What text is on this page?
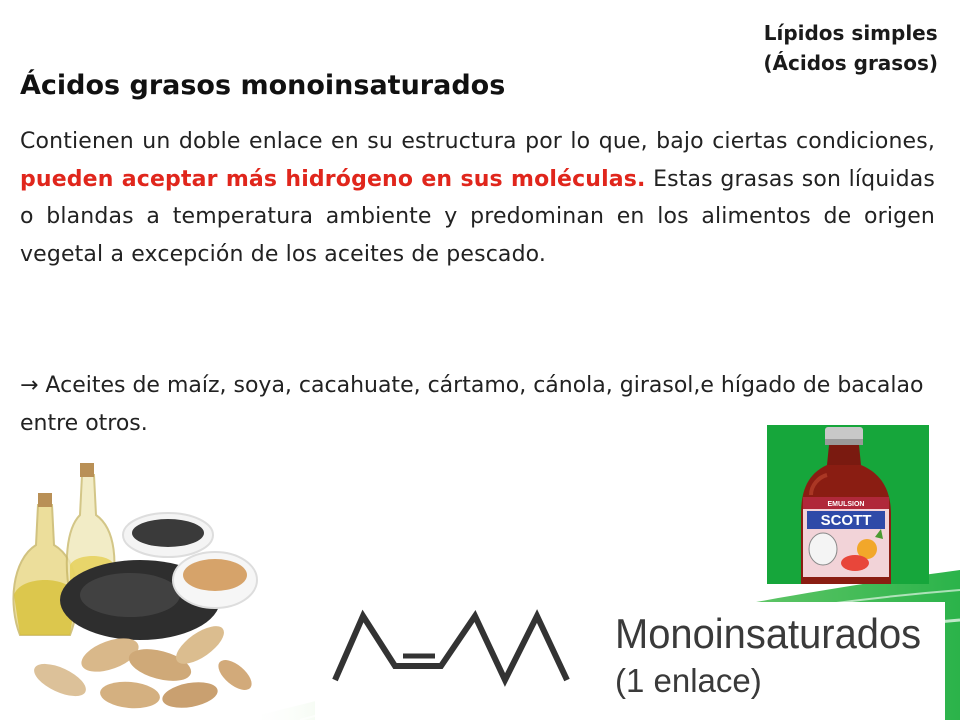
Lípidos simples
(Ácidos grasos)
Ácidos grasos monoinsaturados
Contienen un doble enlace en su estructura por lo que, bajo ciertas condiciones, pueden aceptar más hidrógeno en sus moléculas. Estas grasas son líquidas o blandas a temperatura ambiente y predominan en los alimentos de origen vegetal a excepción de los aceites de pescado.
→ Aceites de maíz, soya, cacahuate, cártamo, cánola, girasol,e hígado de bacalao entre otros.
EMULSION
SCOTT
Monoinsaturados
(1 enlace)
